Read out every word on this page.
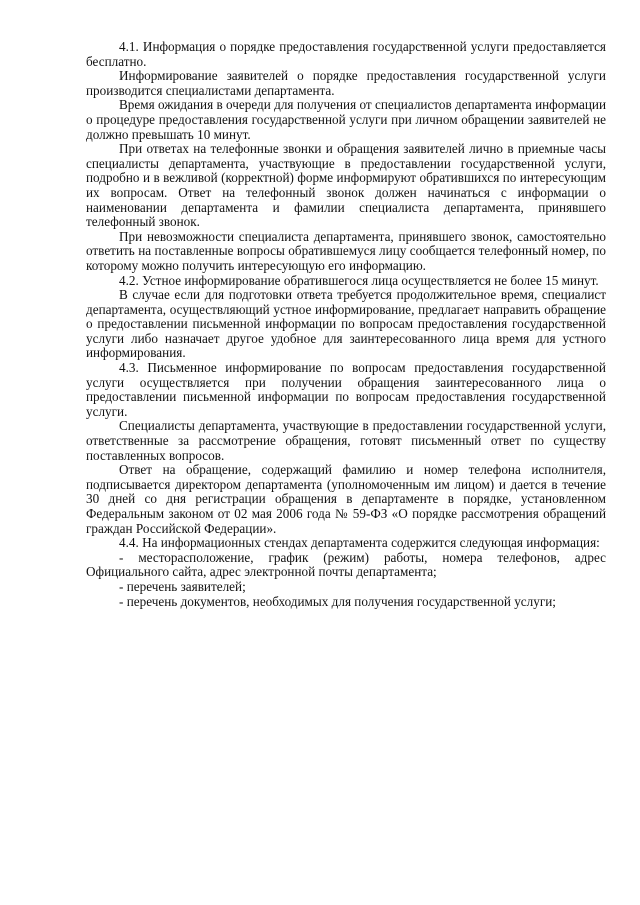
4.1. Информация о порядке предоставления государственной услуги предоставляется бесплатно.

Информирование заявителей о порядке предоставления государственной услуги производится специалистами департамента.

Время ожидания в очереди для получения от специалистов департамента информации о процедуре предоставления государственной услуги при личном обращении заявителей не должно превышать 10 минут.

При ответах на телефонные звонки и обращения заявителей лично в приемные часы специалисты департамента, участвующие в предоставлении государственной услуги, подробно и в вежливой (корректной) форме информируют обратившихся по интересующим их вопросам. Ответ на телефонный звонок должен начинаться с информации о наименовании департамента и фамилии специалиста департамента, принявшего телефонный звонок.

При невозможности специалиста департамента, принявшего звонок, самостоятельно ответить на поставленные вопросы обратившемуся лицу сообщается телефонный номер, по которому можно получить интересующую его информацию.

4.2. Устное информирование обратившегося лица осуществляется не более 15 минут.

В случае если для подготовки ответа требуется продолжительное время, специалист департамента, осуществляющий устное информирование, предлагает направить обращение о предоставлении письменной информации по вопросам предоставления государственной услуги либо назначает другое удобное для заинтересованного лица время для устного информирования.

4.3. Письменное информирование по вопросам предоставления государственной услуги осуществляется при получении обращения заинтересованного лица о предоставлении письменной информации по вопросам предоставления государственной услуги.

Специалисты департамента, участвующие в предоставлении государственной услуги, ответственные за рассмотрение обращения, готовят письменный ответ по существу поставленных вопросов.

Ответ на обращение, содержащий фамилию и номер телефона исполнителя, подписывается директором департамента (уполномоченным им лицом) и дается в течение 30 дней со дня регистрации обращения в департаменте в порядке, установленном Федеральным законом от 02 мая 2006 года № 59-ФЗ «О порядке рассмотрения обращений граждан Российской Федерации».

4.4. На информационных стендах департамента содержится следующая информация:

- месторасположение, график (режим) работы, номера телефонов, адрес Официального сайта, адрес электронной почты департамента;

- перечень заявителей;

- перечень документов, необходимых для получения государственной услуги;
